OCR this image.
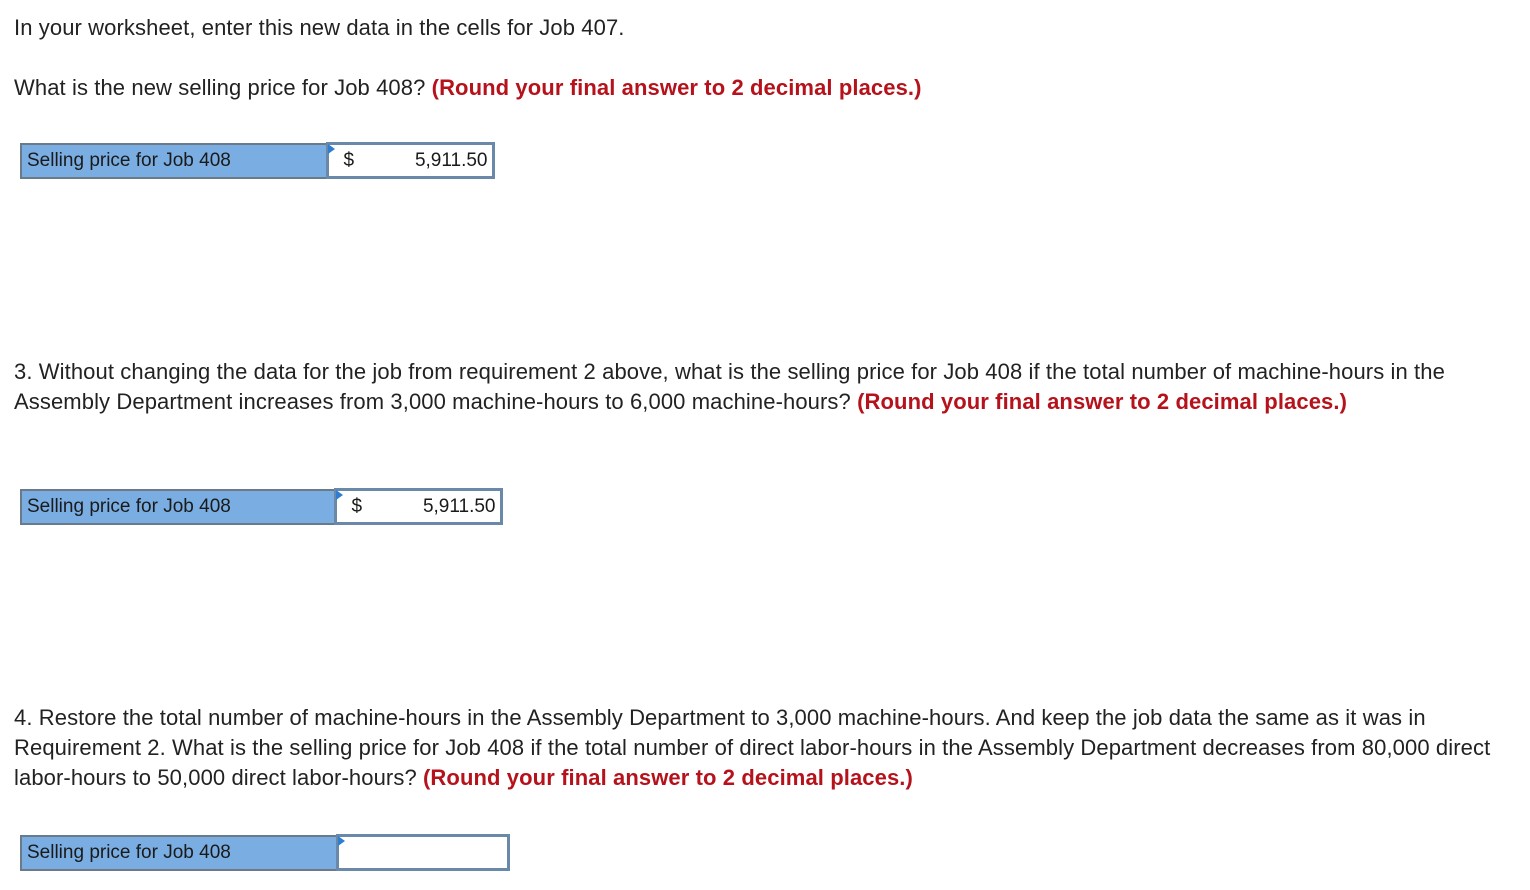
In your worksheet, enter this new data in the cells for Job 407.

What is the new selling price for Job 408? (Round your final answer to 2 decimal places.)

Selling price for Job 408	$	5,911.50

3. Without changing the data for the job from requirement 2 above, what is the selling price for Job 408 if the total number of machine-hours in the Assembly Department increases from 3,000 machine-hours to 6,000 machine-hours? (Round your final answer to 2 decimal places.)

Selling price for Job 408	$	5,911.50

4. Restore the total number of machine-hours in the Assembly Department to 3,000 machine-hours. And keep the job data the same as it was in Requirement 2. What is the selling price for Job 408 if the total number of direct labor-hours in the Assembly Department decreases from 80,000 direct labor-hours to 50,000 direct labor-hours? (Round your final answer to 2 decimal places.)

Selling price for Job 408	
